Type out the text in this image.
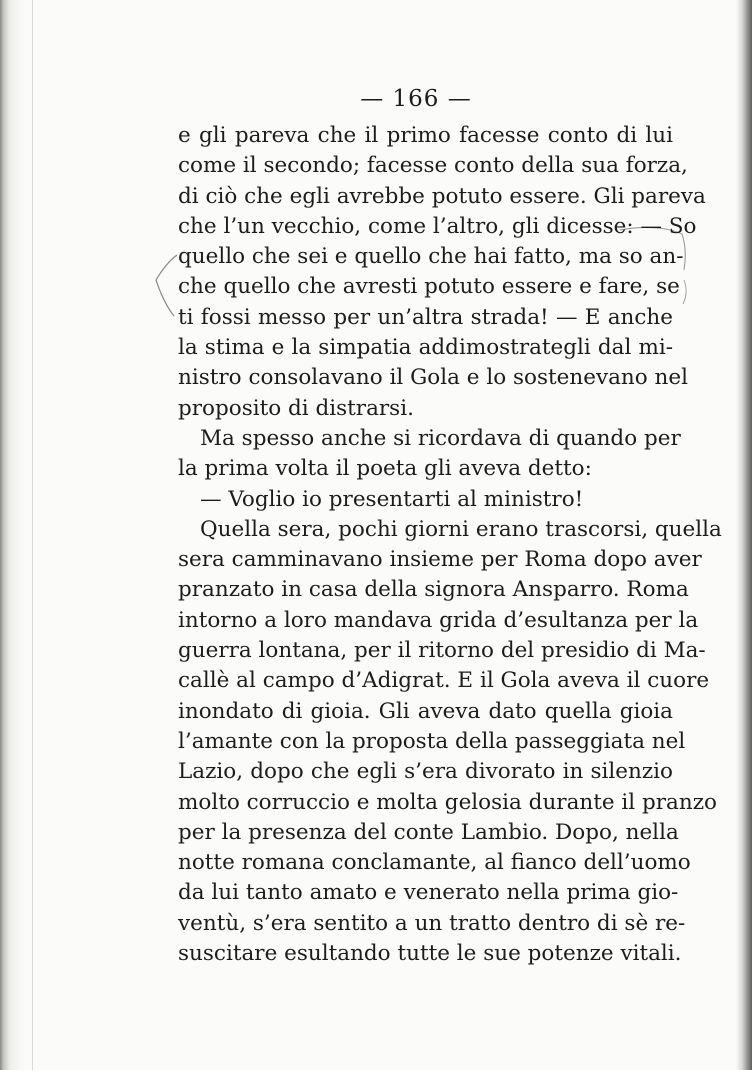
— 166 —
e gli pareva che il primo facesse conto di lui
come il secondo; facesse conto della sua forza,
di ciò che egli avrebbe potuto essere. Gli pareva
che l’un vecchio, come l’altro, gli dicesse: — So
quello che sei e quello che hai fatto, ma so an-
che quello che avresti potuto essere e fare, se
ti fossi messo per un’altra strada! — E anche
la stima e la simpatia addimostrategli dal mi-
nistro consolavano il Gola e lo sostenevano nel
proposito di distrarsi.
Ma spesso anche si ricordava di quando per
la prima volta il poeta gli aveva detto:
— Voglio io presentarti al ministro!
Quella sera, pochi giorni erano trascorsi, quella
sera camminavano insieme per Roma dopo aver
pranzato in casa della signora Ansparro. Roma
intorno a loro mandava grida d’esultanza per la
guerra lontana, per il ritorno del presidio di Ma-
callè al campo d’Adigrat. E il Gola aveva il cuore
inondato di gioia. Gli aveva dato quella gioia
l’amante con la proposta della passeggiata nel
Lazio, dopo che egli s’era divorato in silenzio
molto corruccio e molta gelosia durante il pranzo
per la presenza del conte Lambio. Dopo, nella
notte romana conclamante, al fianco dell’uomo
da lui tanto amato e venerato nella prima gio-
ventù, s’era sentito a un tratto dentro di sè re-
suscitare esultando tutte le sue potenze vitali.
